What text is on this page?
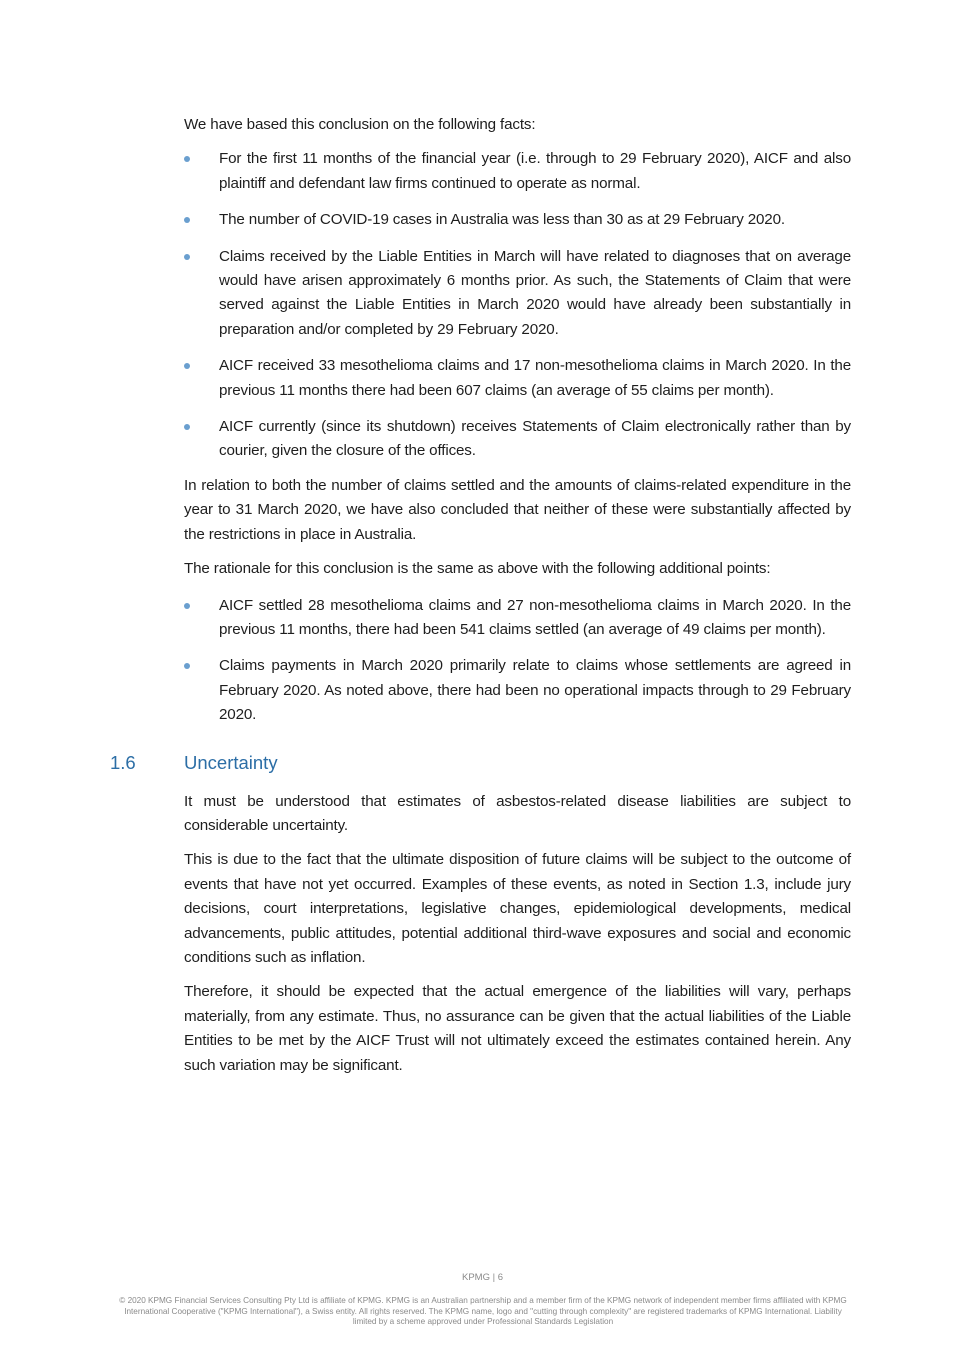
We have based this conclusion on the following facts:

For the first 11 months of the financial year (i.e. through to 29 February 2020), AICF and also plaintiff and defendant law firms continued to operate as normal.

The number of COVID-19 cases in Australia was less than 30 as at 29 February 2020.

Claims received by the Liable Entities in March will have related to diagnoses that on average would have arisen approximately 6 months prior. As such, the Statements of Claim that were served against the Liable Entities in March 2020 would have already been substantially in preparation and/or completed by 29 February 2020.

AICF received 33 mesothelioma claims and 17 non-mesothelioma claims in March 2020. In the previous 11 months there had been 607 claims (an average of 55 claims per month).

AICF currently (since its shutdown) receives Statements of Claim electronically rather than by courier, given the closure of the offices.

In relation to both the number of claims settled and the amounts of claims-related expenditure in the year to 31 March 2020, we have also concluded that neither of these were substantially affected by the restrictions in place in Australia.

The rationale for this conclusion is the same as above with the following additional points:

AICF settled 28 mesothelioma claims and 27 non-mesothelioma claims in March 2020. In the previous 11 months, there had been 541 claims settled (an average of 49 claims per month).

Claims payments in March 2020 primarily relate to claims whose settlements are agreed in February 2020. As noted above, there had been no operational impacts through to 29 February 2020.

1.6	Uncertainty

It must be understood that estimates of asbestos-related disease liabilities are subject to considerable uncertainty.

This is due to the fact that the ultimate disposition of future claims will be subject to the outcome of events that have not yet occurred. Examples of these events, as noted in Section 1.3, include jury decisions, court interpretations, legislative changes, epidemiological developments, medical advancements, public attitudes, potential additional third-wave exposures and social and economic conditions such as inflation.

Therefore, it should be expected that the actual emergence of the liabilities will vary, perhaps materially, from any estimate. Thus, no assurance can be given that the actual liabilities of the Liable Entities to be met by the AICF Trust will not ultimately exceed the estimates contained herein. Any such variation may be significant.

KPMG | 6
© 2020 KPMG Financial Services Consulting Pty Ltd is affiliate of KPMG. KPMG is an Australian partnership and a member firm of the KPMG network of independent member firms affiliated with KPMG International Cooperative ("KPMG International"), a Swiss entity. All rights reserved. The KPMG name, logo and "cutting through complexity" are registered trademarks of KPMG International. Liability limited by a scheme approved under Professional Standards Legislation
